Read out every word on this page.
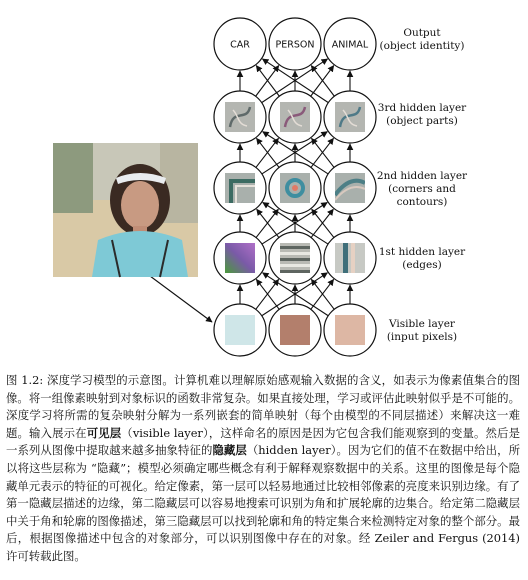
CAR	PERSON ANIMAL
Output
(object identity)
3rd hidden layer
(object parts)
2nd hidden layer
(corners and
contours)
1st hidden layer
(edges)
Visible layer
(input pixels)
图 1.2: 深度学习模型的示意图。计算机难以理解原始感观输入数据的含义，如表示为像素值集合的图像。将一组像素映射到对象标识的函数非常复杂。如果直接处理，学习或评估此映射似乎是不可能的。深度学习将所需的复杂映射分解为一系列嵌套的简单映射（每个由模型的不同层描述）来解决这一难题。输入展示在可见层（visible layer），这样命名的原因是因为它包含我们能观察到的变量。然后是一系列从图像中提取越来越多抽象特征的隐藏层（hidden layer）。因为它们的值不在数据中给出，所以将这些层称为 “隐藏”；模型必须确定哪些概念有利于解释观察数据中的关系。这里的图像是每个隐藏单元表示的特征的可视化。给定像素，第一层可以轻易地通过比较相邻像素的亮度来识别边缘。有了第一隐藏层描述的边缘，第二隐藏层可以容易地搜索可识别为角和扩展轮廓的边集合。给定第二隐藏层中关于角和轮廓的图像描述，第三隐藏层可以找到轮廓和角的特定集合来检测特定对象的整个部分。最后，根据图像描述中包含的对象部分，可以识别图像中存在的对象。经 Zeiler and Fergus (2014) 许可转载此图。
